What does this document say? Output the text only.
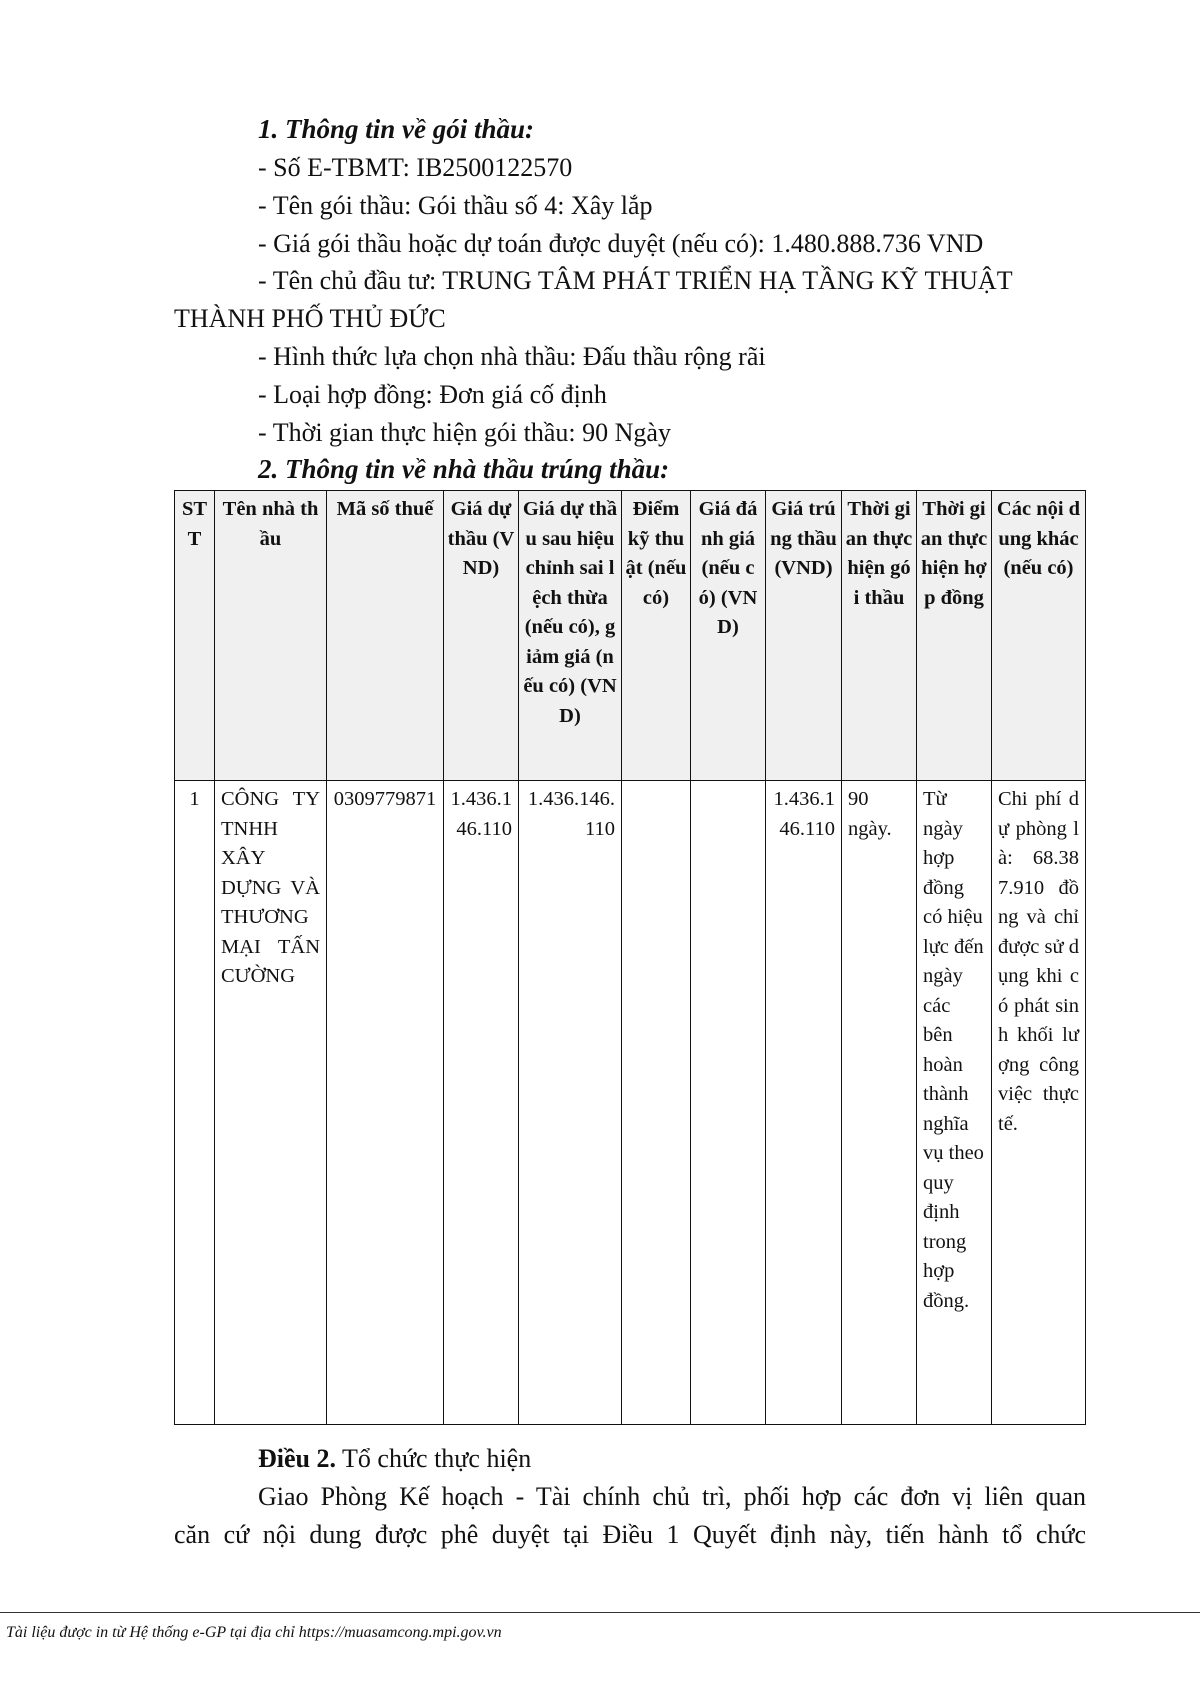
1. Thông tin về gói thầu:
- Số E-TBMT: IB2500122570
- Tên gói thầu: Gói thầu số 4: Xây lắp
- Giá gói thầu hoặc dự toán được duyệt (nếu có): 1.480.888.736 VND
- Tên chủ đầu tư: TRUNG TÂM PHÁT TRIỂN HẠ TẦNG KỸ THUẬT
THÀNH PHỐ THỦ ĐỨC
- Hình thức lựa chọn nhà thầu: Đấu thầu rộng rãi
- Loại hợp đồng: Đơn giá cố định
- Thời gian thực hiện gói thầu: 90 Ngày
2. Thông tin về nhà thầu trúng thầu:
STT	Tên nhà thầu	Mã số thuế	Giá dự thầu (VND)	Giá dự thầu sau hiệu chỉnh sai lệch thừa (nếu có), giảm giá (nếu có) (VND)	Điểm kỹ thuật (nếu có)	Giá đánh giá (nếu có) (VND)	Giá trúng thầu (VND)	Thời gian thực hiện gói thầu	Thời gian thực hiện hợp đồng	Các nội dung khác (nếu có)
1	CÔNG TY TNHH XÂY DỰNG VÀ THƯƠNG MẠI TẤN CƯỜNG	0309779871	1.436.146.110	1.436.146.110			1.436.146.110	90 ngày.	Từ ngày hợp đồng có hiệu lực đến ngày các bên hoàn thành nghĩa vụ theo quy định trong hợp đồng.	Chi phí dự phòng là: 68.387.910 đồng và chỉ được sử dụng khi có phát sinh khối lượng công việc thực tế.
Điều 2. Tổ chức thực hiện
Giao Phòng Kế hoạch - Tài chính chủ trì, phối hợp các đơn vị liên quan
căn cứ nội dung được phê duyệt tại Điều 1 Quyết định này, tiến hành tổ chức
Tài liệu được in từ Hệ thống e-GP tại địa chỉ https://muasamcong.mpi.gov.vn
